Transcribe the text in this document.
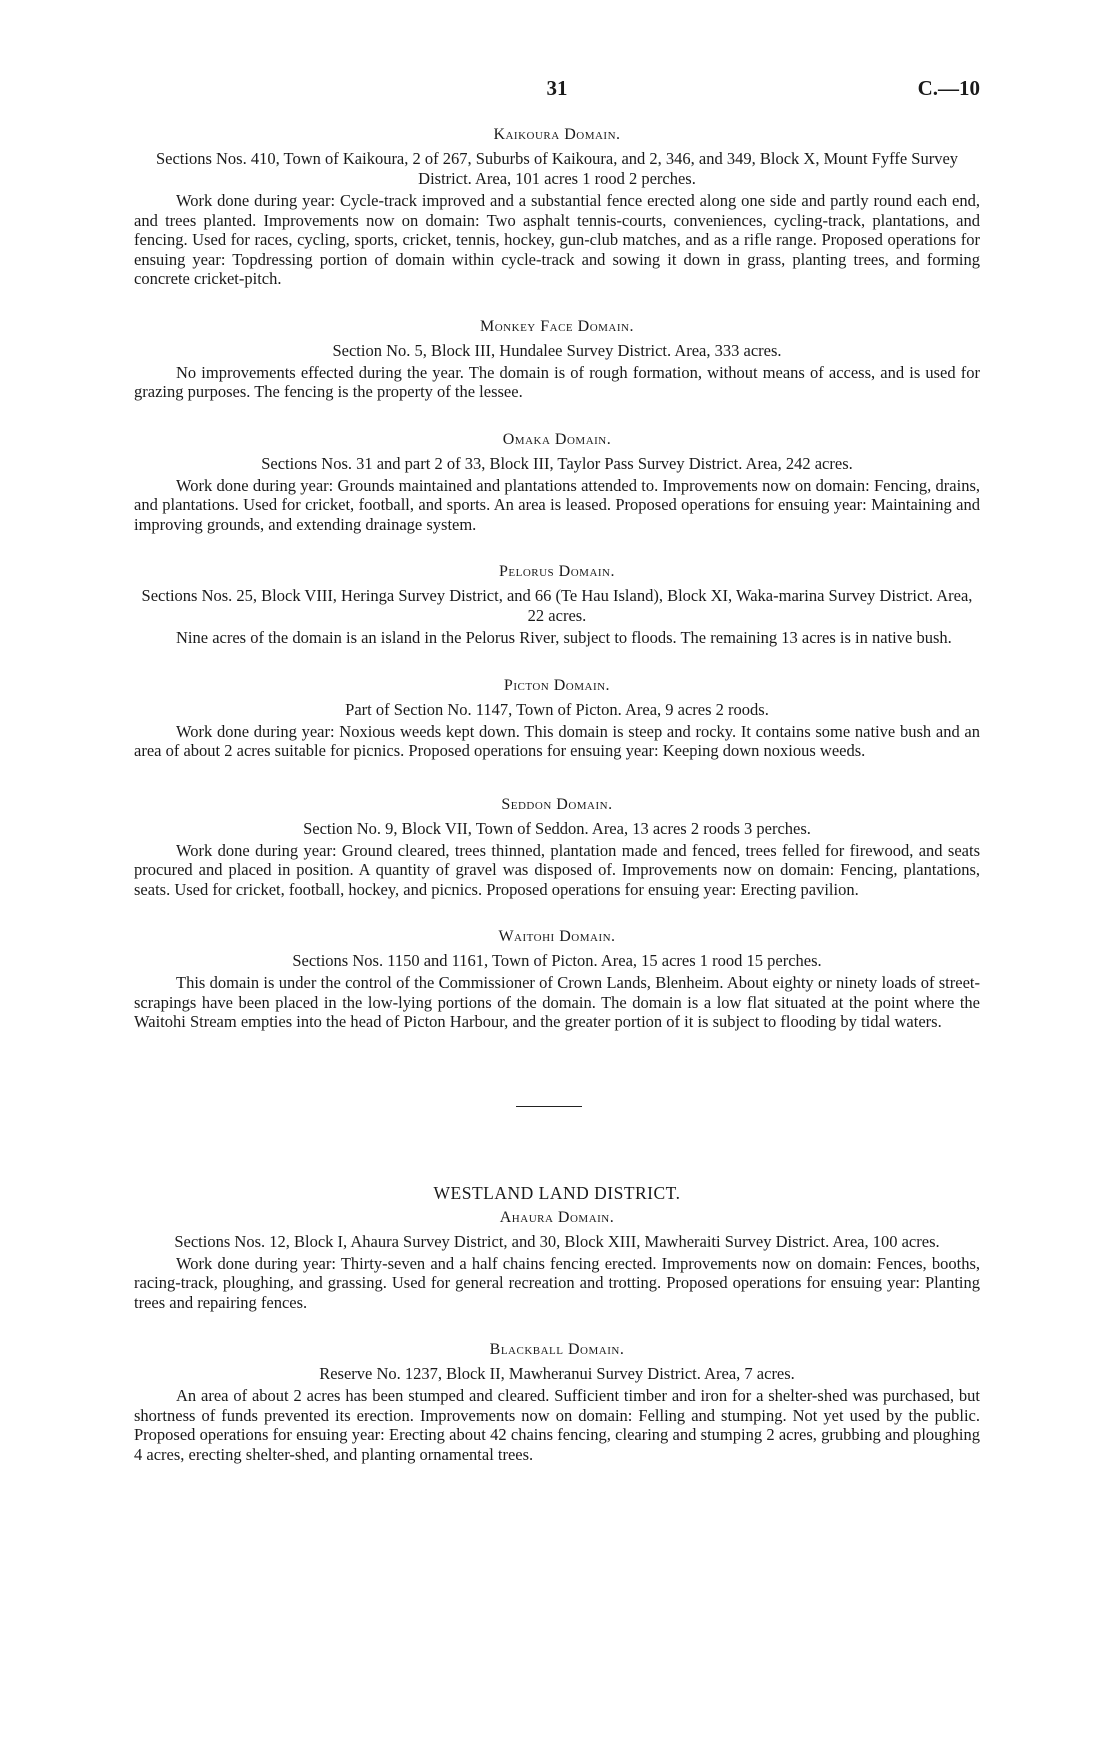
31	C.—10
Kaikoura Domain.
Sections Nos. 410, Town of Kaikoura, 2 of 267, Suburbs of Kaikoura, and 2, 346, and 349, Block X, Mount Fyffe Survey District. Area, 101 acres 1 rood 2 perches.

Work done during year: Cycle-track improved and a substantial fence erected along one side and partly round each end, and trees planted. Improvements now on domain: Two asphalt tennis-courts, conveniences, cycling-track, plantations, and fencing. Used for races, cycling, sports, cricket, tennis, hockey, gun-club matches, and as a rifle range. Proposed operations for ensuing year: Topdressing portion of domain within cycle-track and sowing it down in grass, planting trees, and forming concrete cricket-pitch.

Monkey Face Domain.
Section No. 5, Block III, Hundalee Survey District. Area, 333 acres.

No improvements effected during the year. The domain is of rough formation, without means of access, and is used for grazing purposes. The fencing is the property of the lessee.

Omaka Domain.
Sections Nos. 31 and part 2 of 33, Block III, Taylor Pass Survey District. Area, 242 acres.

Work done during year: Grounds maintained and plantations attended to. Improvements now on domain: Fencing, drains, and plantations. Used for cricket, football, and sports. An area is leased. Proposed operations for ensuing year: Maintaining and improving grounds, and extending drainage system.

Pelorus Domain.
Sections Nos. 25, Block VIII, Heringa Survey District, and 66 (Te Hau Island), Block XI, Waka-marina Survey District. Area, 22 acres.

Nine acres of the domain is an island in the Pelorus River, subject to floods. The remaining 13 acres is in native bush.

Picton Domain.
Part of Section No. 1147, Town of Picton. Area, 9 acres 2 roods.

Work done during year: Noxious weeds kept down. This domain is steep and rocky. It contains some native bush and an area of about 2 acres suitable for picnics. Proposed operations for ensuing year: Keeping down noxious weeds.

Seddon Domain.
Section No. 9, Block VII, Town of Seddon. Area, 13 acres 2 roods 3 perches.

Work done during year: Ground cleared, trees thinned, plantation made and fenced, trees felled for firewood, and seats procured and placed in position. A quantity of gravel was disposed of. Improvements now on domain: Fencing, plantations, seats. Used for cricket, football, hockey, and picnics. Proposed operations for ensuing year: Erecting pavilion.

Waitohi Domain.
Sections Nos. 1150 and 1161, Town of Picton. Area, 15 acres 1 rood 15 perches.

This domain is under the control of the Commissioner of Crown Lands, Blenheim. About eighty or ninety loads of street-scrapings have been placed in the low-lying portions of the domain. The domain is a low flat situated at the point where the Waitohi Stream empties into the head of Picton Harbour, and the greater portion of it is subject to flooding by tidal waters.

WESTLAND LAND DISTRICT.
Ahaura Domain.
Sections Nos. 12, Block I, Ahaura Survey District, and 30, Block XIII, Mawheraiti Survey District. Area, 100 acres.

Work done during year: Thirty-seven and a half chains fencing erected. Improvements now on domain: Fences, booths, racing-track, ploughing, and grassing. Used for general recreation and trotting. Proposed operations for ensuing year: Planting trees and repairing fences.

Blackball Domain.
Reserve No. 1237, Block II, Mawheranui Survey District. Area, 7 acres.

An area of about 2 acres has been stumped and cleared. Sufficient timber and iron for a shelter-shed was purchased, but shortness of funds prevented its erection. Improvements now on domain: Felling and stumping. Not yet used by the public. Proposed operations for ensuing year: Erecting about 42 chains fencing, clearing and stumping 2 acres, grubbing and ploughing 4 acres, erecting shelter-shed, and planting ornamental trees.
